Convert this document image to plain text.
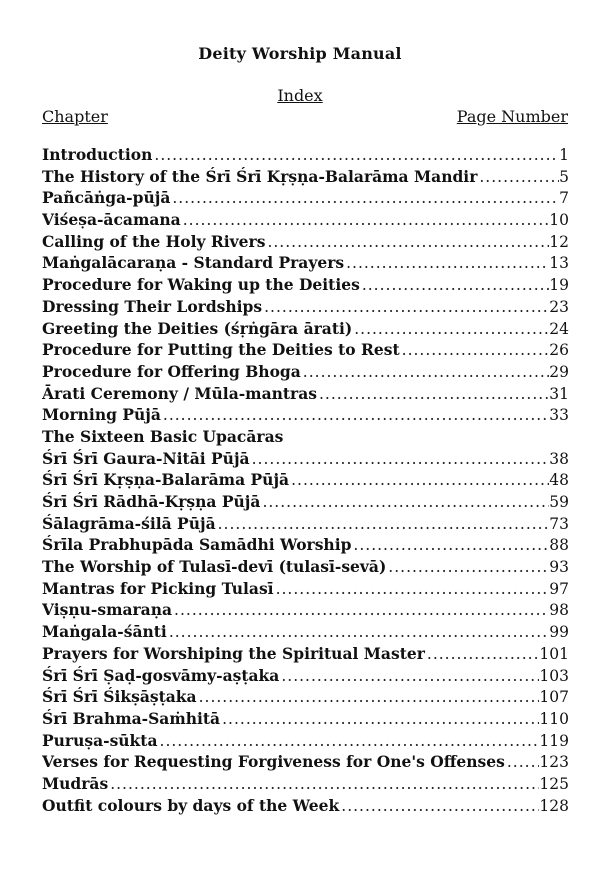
Deity Worship Manual
Index
Chapter	Page Number
Introduction .....	1
The History of the Śrī Śrī Kṛṣṇa-Balarāma Mandir .....	5
Pañcāṅga-pūjā .....	7
Viśeṣa-ācamana .....	10
Calling of the Holy Rivers .....	12
Maṅgalācaraṇa - Standard Prayers .....	13
Procedure for Waking up the Deities .....	19
Dressing Their Lordships .....	23
Greeting the Deities (śṛṅgāra ārati) .....	24
Procedure for Putting the Deities to Rest .....	26
Procedure for Offering Bhoga .....	29
Ārati Ceremony / Mūla-mantras .....	31
Morning Pūjā .....	33
The Sixteen Basic Upacāras
Śrī Śrī Gaura-Nitāi Pūjā .....	38
Śrī Śrī Kṛṣṇa-Balarāma Pūjā .....	48
Śrī Śrī Rādhā-Kṛṣṇa Pūjā .....	59
Śālagrāma-śilā Pūjā .....	73
Śrīla Prabhupāda Samādhi Worship .....	88
The Worship of Tulasī-devī (tulasī-sevā) .....	93
Mantras for Picking Tulasī .....	97
Viṣṇu-smaraṇa .....	98
Maṅgala-śānti .....	99
Prayers for Worshiping the Spiritual Master .....	101
Śrī Śrī Ṣaḍ-gosvāmy-aṣṭaka .....	103
Śrī Śrī Śikṣāṣṭaka .....	107
Śrī Brahma-Saṁhitā .....	110
Puruṣa-sūkta .....	119
Verses for Requesting Forgiveness for One's Offenses ..... 123
Mudrās .....	125
Outfit colours by days of the Week .....	128
